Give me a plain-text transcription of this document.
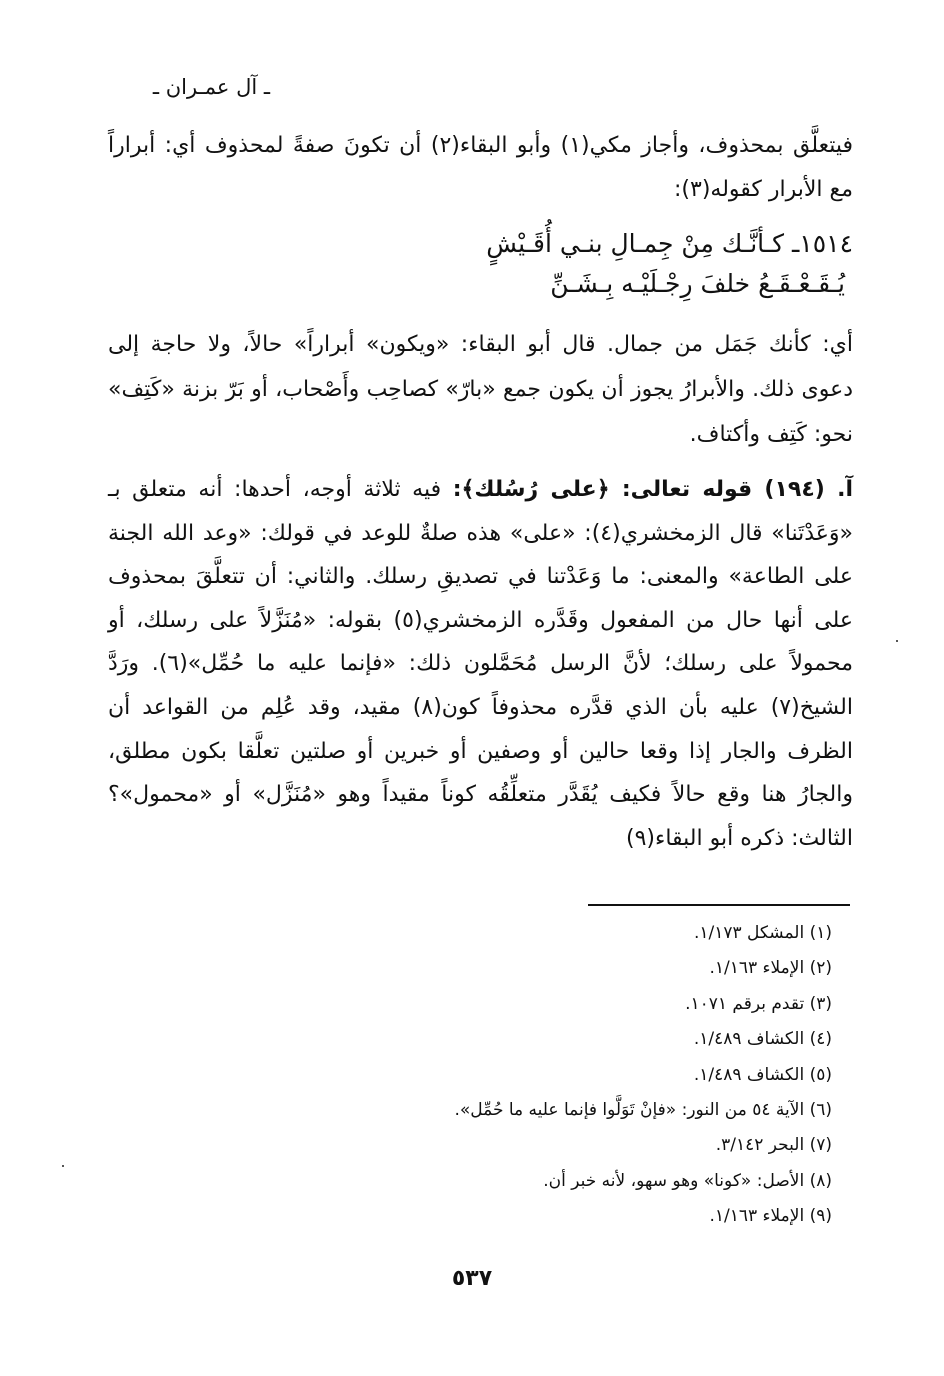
ـ آل عمـران ـ
فيتعلَّق بمحذوف، وأجاز مكي(١) وأبو البقاء(٢) أن تكونَ صفةً لمحذوف أي: أبراراً مع الأبرار كقوله(٣):
١٥١٤ـ كـأنَّـك مِنْ جِمـالِ بنـي أُقَـيْشٍ
يُـقَـعْـقَـعُ خلفَ رِجْـلَيْـه بِـشَـنِّ
أي: كأنك جَمَل من جمال. قال أبو البقاء: «ويكون» أبراراً» حالاً، ولا حاجة إلى دعوى ذلك. والأبرارُ يجوز أن يكون جمع «بارّ» كصاحِب وأَصْحاب، أو بَرّ بزنة «كَتِف» نحو: كَتِف وأكتاف.
آ. (١٩٤) قوله تعالى: ﴿على رُسُلك﴾: فيه ثلاثة أوجه، أحدها: أنه متعلق بـ «وَعَدْتَنا» قال الزمخشري(٤): «على» هذه صلةٌ للوعد في قولك: «وعد الله الجنة على الطاعة» والمعنى: ما وَعَدْتنا في تصديقِ رسلك. والثاني: أن تتعلَّقَ بمحذوف على أنها حال من المفعول وقَدَّره الزمخشري(٥) بقوله: «مُنَزَّلاً على رسلك، أو محمولاً على رسلك؛ لأنَّ الرسل مُحَمَّلون ذلك: «فإنما عليه ما حُمِّل»(٦). ورَدَّ الشيخ(٧) عليه بأن الذي قدَّره محذوفاً كون(٨) مقيد، وقد عُلِم من القواعد أن الظرف والجار إذا وقعا حالين أو وصفين أو خبرين أو صلتين تعلَّقا بكون مطلق، والجارُ هنا وقع حالاً فكيف يُقَدَّر متعلِّقُه كوناً مقيداً وهو «مُنَزَّل» أو «محمول»؟ الثالث: ذكره أبو البقاء(٩)
(١) المشكل ١/١٧٣.
(٢) الإملاء ١/١٦٣.
(٣) تقدم برقم ١٠٧١.
(٤) الكشاف ١/٤٨٩.
(٥) الكشاف ١/٤٨٩.
(٦) الآية ٥٤ من النور: «فإنْ تَوَلَّوا فإنما عليه ما حُمِّل».
(٧) البحر ٣/١٤٢.
(٨) الأصل: «كونا» وهو سهو، لأنه خبر أن.
(٩) الإملاء ١/١٦٣.
٥٣٧
